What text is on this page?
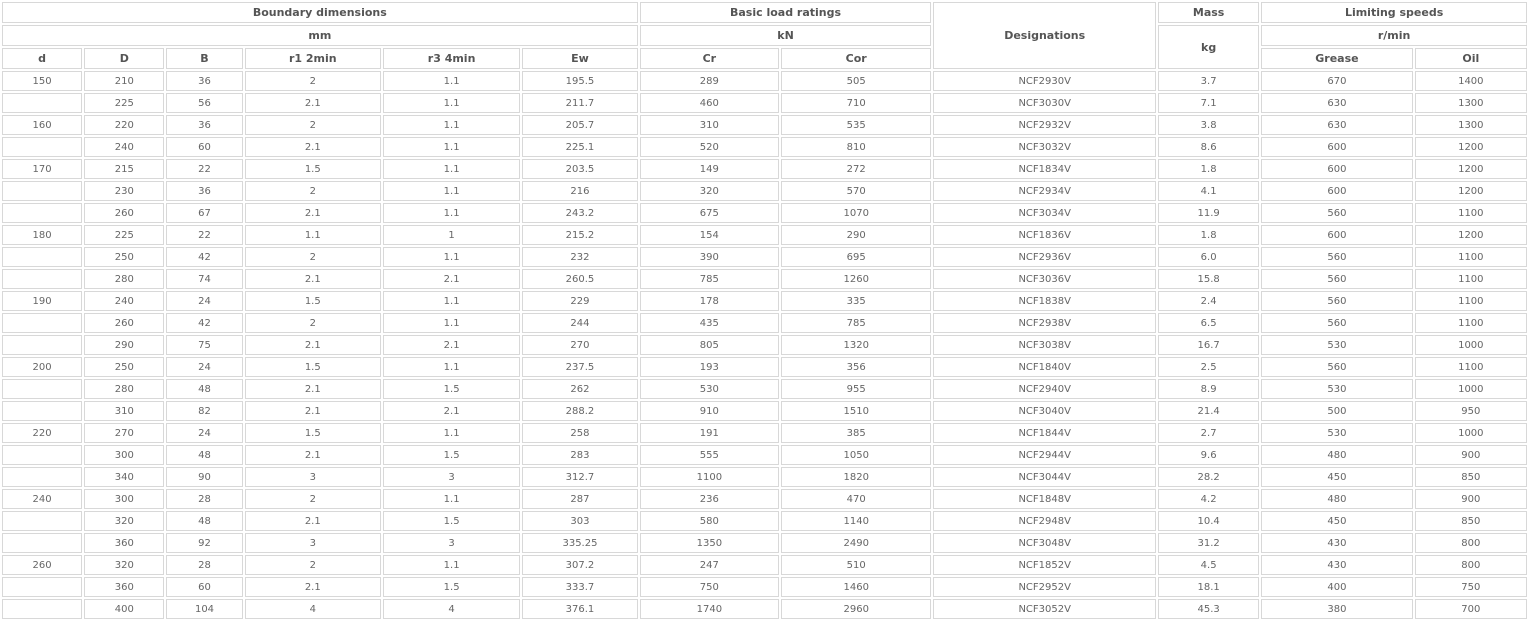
Boundary dimensions						Basic load ratings		Designations	Mass	Limiting speeds	
mm						kN			kg	r/min	
d	D	B	r1 2min	r3 4min	Ew	Cr	Cor			Grease	Oil
150	210	36	2	1.1	195.5	289	505	NCF2930V	3.7	670	1400
	225	56	2.1	1.1	211.7	460	710	NCF3030V	7.1	630	1300
160	220	36	2	1.1	205.7	310	535	NCF2932V	3.8	630	1300
	240	60	2.1	1.1	225.1	520	810	NCF3032V	8.6	600	1200
170	215	22	1.5	1.1	203.5	149	272	NCF1834V	1.8	600	1200
	230	36	2	1.1	216	320	570	NCF2934V	4.1	600	1200
	260	67	2.1	1.1	243.2	675	1070	NCF3034V	11.9	560	1100
180	225	22	1.1	1	215.2	154	290	NCF1836V	1.8	600	1200
	250	42	2	1.1	232	390	695	NCF2936V	6.0	560	1100
	280	74	2.1	2.1	260.5	785	1260	NCF3036V	15.8	560	1100
190	240	24	1.5	1.1	229	178	335	NCF1838V	2.4	560	1100
	260	42	2	1.1	244	435	785	NCF2938V	6.5	560	1100
	290	75	2.1	2.1	270	805	1320	NCF3038V	16.7	530	1000
200	250	24	1.5	1.1	237.5	193	356	NCF1840V	2.5	560	1100
	280	48	2.1	1.5	262	530	955	NCF2940V	8.9	530	1000
	310	82	2.1	2.1	288.2	910	1510	NCF3040V	21.4	500	950
220	270	24	1.5	1.1	258	191	385	NCF1844V	2.7	530	1000
	300	48	2.1	1.5	283	555	1050	NCF2944V	9.6	480	900
	340	90	3	3	312.7	1100	1820	NCF3044V	28.2	450	850
240	300	28	2	1.1	287	236	470	NCF1848V	4.2	480	900
	320	48	2.1	1.5	303	580	1140	NCF2948V	10.4	450	850
	360	92	3	3	335.25	1350	2490	NCF3048V	31.2	430	800
260	320	28	2	1.1	307.2	247	510	NCF1852V	4.5	430	800
	360	60	2.1	1.5	333.7	750	1460	NCF2952V	18.1	400	750
	400	104	4	4	376.1	1740	2960	NCF3052V	45.3	380	700
